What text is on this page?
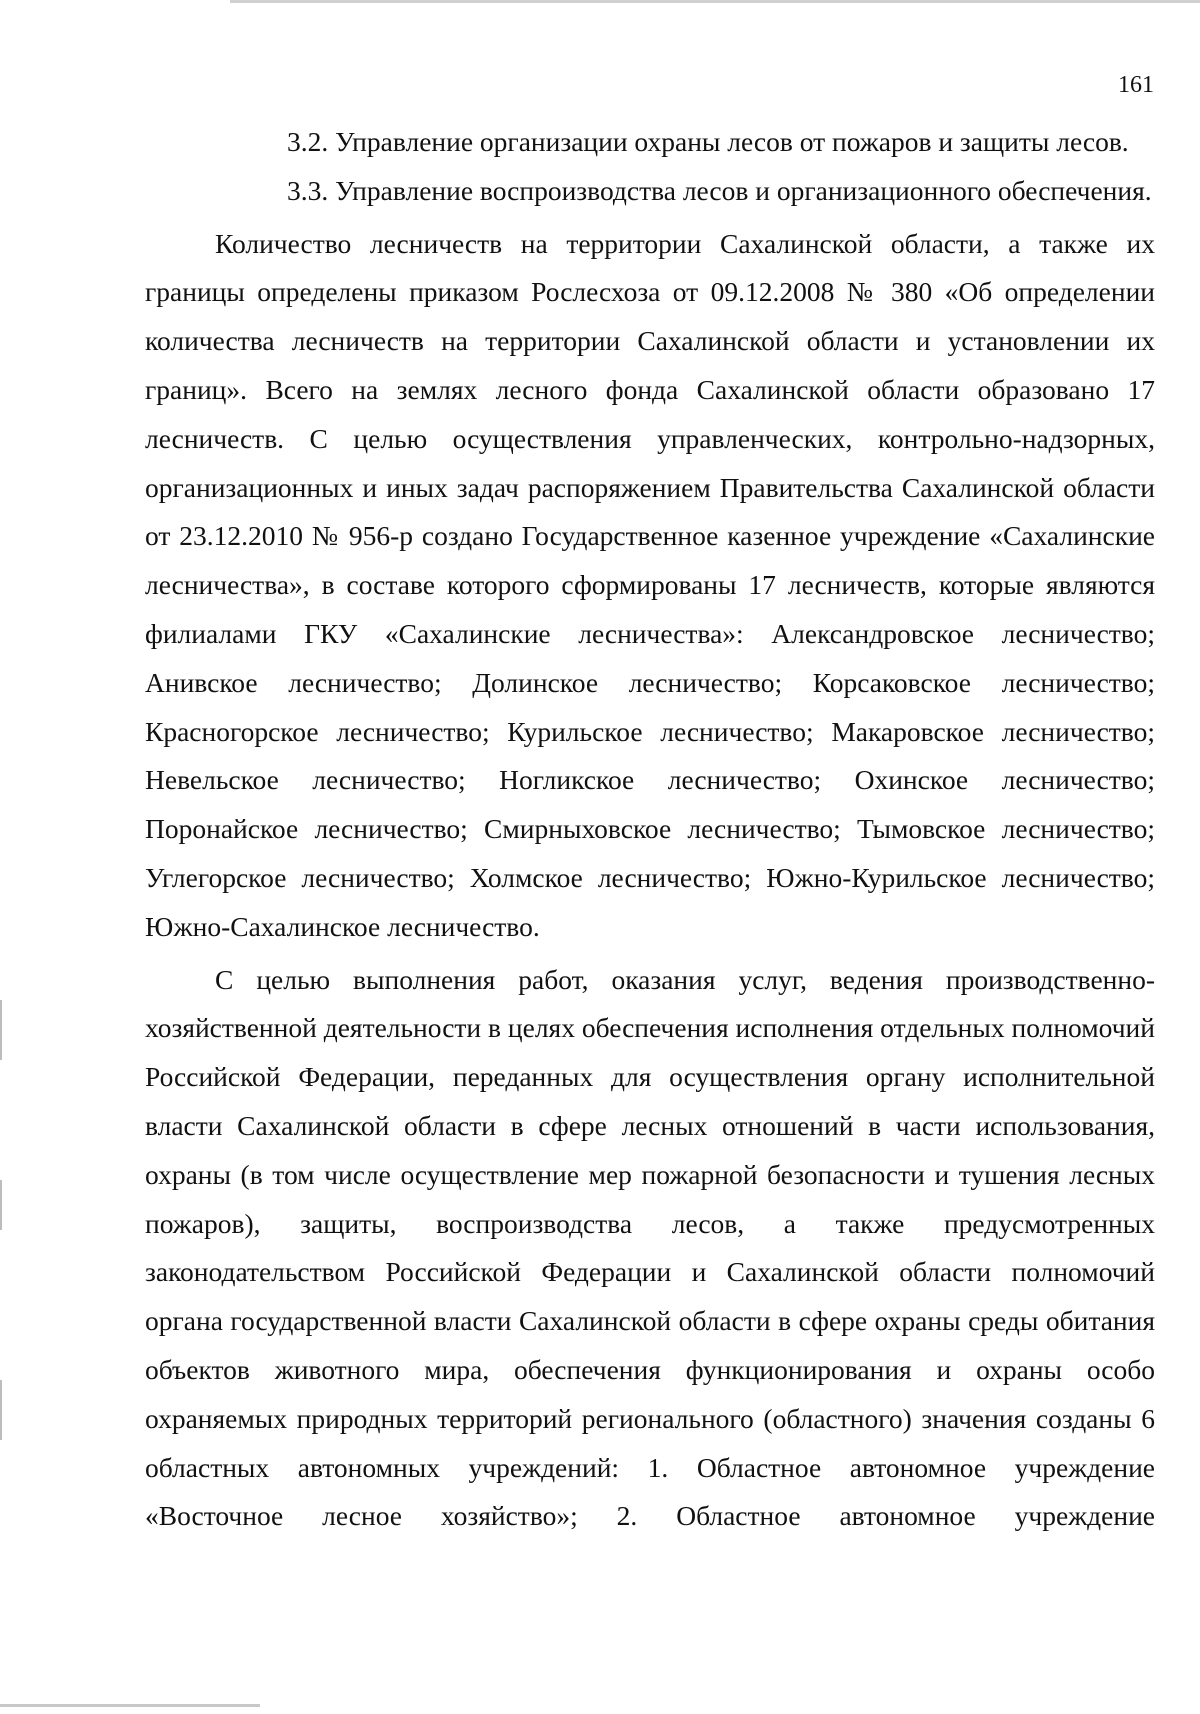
161

3.2. Управление организации охраны лесов от пожаров и защиты лесов.

3.3. Управление воспроизводства лесов и организационного обеспечения.

Количество лесничеств на территории Сахалинской области, а также их границы определены приказом Рослесхоза от 09.12.2008 № 380 «Об определении количества лесничеств на территории Сахалинской области и установлении их границ». Всего на землях лесного фонда Сахалинской области образовано 17 лесничеств. С целью осуществления управленческих, контрольно-надзорных, организационных и иных задач распоряжением Правительства Сахалинской области от 23.12.2010 № 956-р создано Государственное казенное учреждение «Сахалинские лесничества», в составе которого сформированы 17 лесничеств, которые являются филиалами ГКУ «Сахалинские лесничества»: Александровское лесничество; Анивское лесничество; Долинское лесничество; Корсаковское лесничество; Красногорское лесничество; Курильское лесничество; Макаровское лесничество; Невельское лесничество; Ногликское лесничество; Охинское лесничество; Поронайское лесничество; Смирныховское лесничество; Тымовское лесничество; Углегорское лесничество; Холмское лесничество; Южно-Курильское лесничество; Южно-Сахалинское лесничество.

С целью выполнения работ, оказания услуг, ведения производственно-хозяйственной деятельности в целях обеспечения исполнения отдельных полномочий Российской Федерации, переданных для осуществления органу исполнительной власти Сахалинской области в сфере лесных отношений в части использования, охраны (в том числе осуществление мер пожарной безопасности и тушения лесных пожаров), защиты, воспроизводства лесов, а также предусмотренных законодательством Российской Федерации и Сахалинской области полномочий органа государственной власти Сахалинской области в сфере охраны среды обитания объектов животного мира, обеспечения функционирования и охраны особо охраняемых природных территорий регионального (областного) значения созданы 6 областных автономных учреждений: 1. Областное автономное учреждение «Восточное лесное хозяйство»; 2. Областное автономное учреждение
